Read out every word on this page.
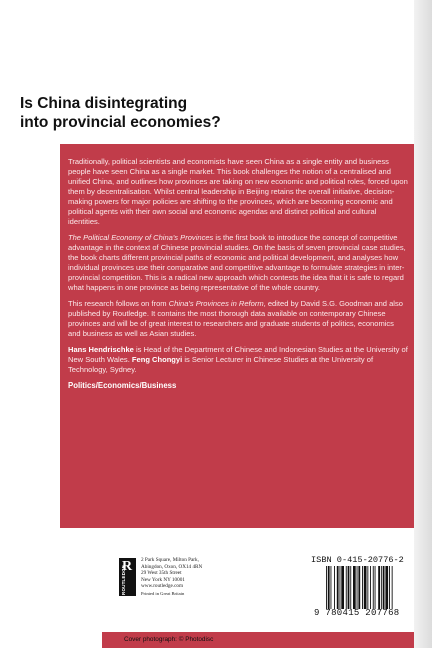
Is China disintegrating
into provincial economies?

Traditionally, political scientists and economists have seen China as a single entity and business people have seen China as a single market. This book challenges the notion of a centralised and unified China, and outlines how provinces are taking on new economic and political roles, forced upon them by decentralisation. Whilst central leadership in Beijing retains the overall initiative, decision-making powers for major policies are shifting to the provinces, which are becoming economic and political agents with their own social and economic agendas and distinct political and cultural identities.

The Political Economy of China's Provinces is the first book to introduce the concept of competitive advantage in the context of Chinese provincial studies. On the basis of seven provincial case studies, the book charts different provincial paths of economic and political development, and analyses how individual provinces use their comparative and competitive advantage to formulate strategies in inter-provincial competition. This is a radical new approach which contests the idea that it is safe to regard what happens in one province as being representative of the whole country.

This research follows on from China's Provinces in Reform, edited by David S.G. Goodman and also published by Routledge. It contains the most thorough data available on contemporary Chinese provinces and will be of great interest to researchers and graduate students of politics, economics and business as well as Asian studies.

Hans Hendrischke is Head of the Department of Chinese and Indonesian Studies at the University of New South Wales. Feng Chongyi is Senior Lecturer in Chinese Studies at the University of Technology, Sydney.

Politics/Economics/Business
R
ROUTLEDGE
2 Park Square, Milton Park,
Abingdon, Oxon, OX14 4RN
29 West 35th Street
New York NY 10001
www.routledge.com
Printed in Great Britain
ISBN 0-415-20776-2
9 780415 207768
Cover photograph: © Photodisc
